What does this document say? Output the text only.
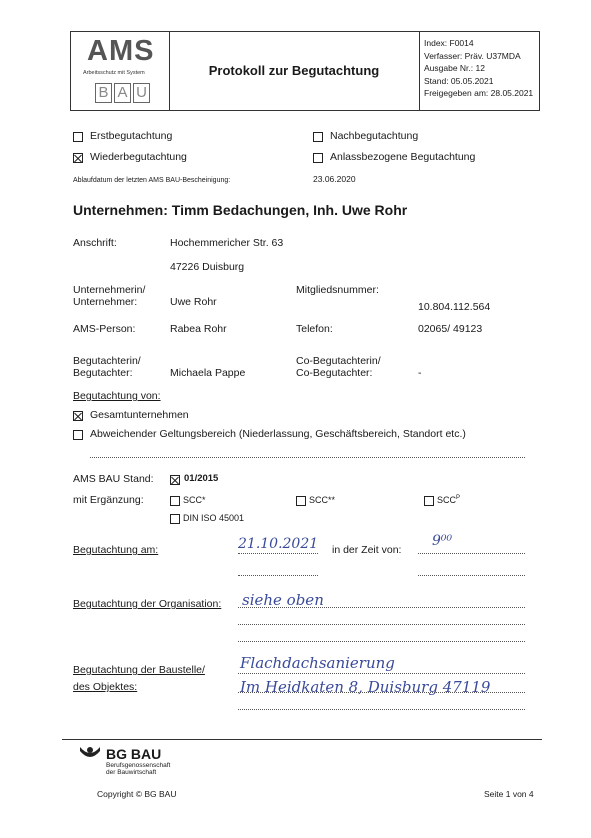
AMS
Arbeitsschutz mit System
B A U
Protokoll zur Begutachtung
Index: F0014
Verfasser: Präv. U37MDA
Ausgabe Nr.: 12
Stand: 05.05.2021
Freigegeben am: 28.05.2021
Erstbegutachtung	Nachbegutachtung
Wiederbegutachtung	Anlassbezogene Begutachtung
Ablaufdatum der letzten AMS BAU-Bescheinigung:	23.06.2020
Unternehmen: Timm Bedachungen, Inh. Uwe Rohr
Anschrift:	Hochemmericher Str. 63
47226 Duisburg
Unternehmerin/
Unternehmer:	Uwe Rohr
Mitgliedsnummer:
10.804.112.564
AMS-Person:	Rabea Rohr	Telefon:	02065/ 49123
Begutachterin/
Begutachter:	Michaela Pappe
Co-Begutachterin/
Co-Begutachter:	-
Begutachtung von:
Gesamtunternehmen
Abweichender Geltungsbereich (Niederlassung, Geschäftsbereich, Standort etc.)
AMS BAU Stand:	01/2015
mit Ergänzung:	SCC*	SCC**	$SCC^P$
DIN ISO 45001
Begutachtung am:	21.10.2021 in der Zeit von:
9⁰⁰
Begutachtung der Organisation: siehe oben
Begutachtung der Baustelle/
des Objektes:
Flachdachsanierung
Im Heidkaten 8, Duisburg 47119
BG BAU
Berufsgenossenschaft
der Bauwirtschaft
Copyright © BG BAU	Seite 1 von 4
